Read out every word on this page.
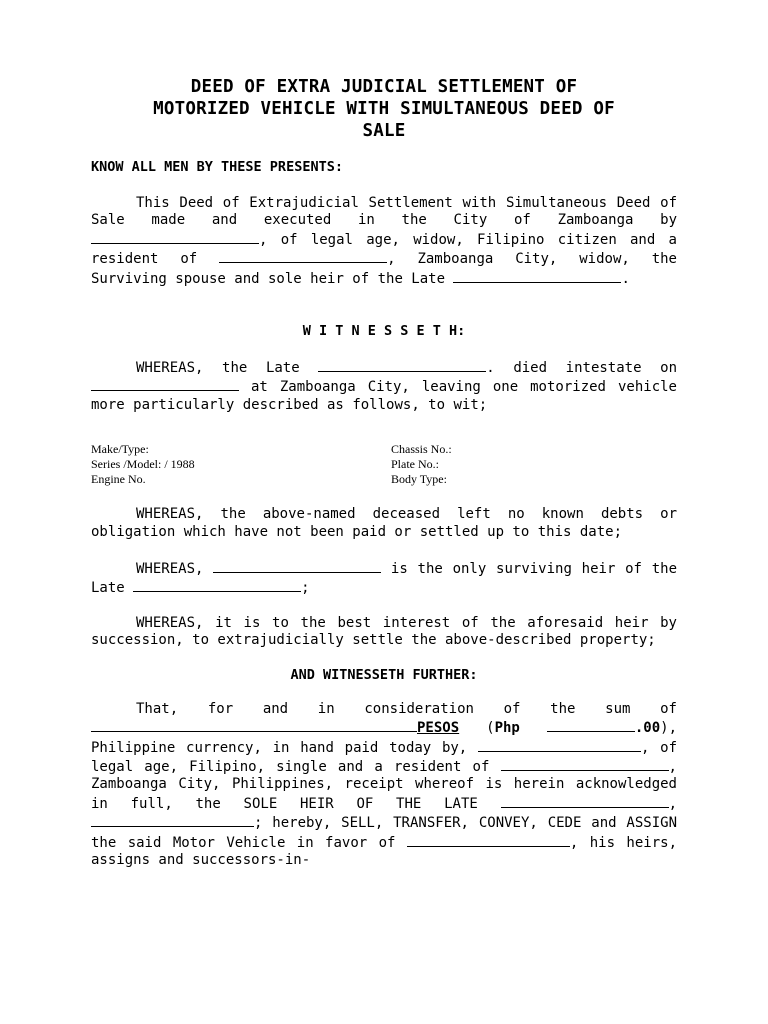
DEED OF EXTRA JUDICIAL SETTLEMENT OF
MOTORIZED VEHICLE WITH SIMULTANEOUS DEED OF
SALE

KNOW ALL MEN BY THESE PRESENTS:

This Deed of Extrajudicial Settlement with Simultaneous Deed of Sale made and executed in the City of Zamboanga by , of legal age, widow, Filipino citizen and a resident of	, Zamboanga City, widow, the Surviving spouse and sole heir of the Late	.

W I T N E S S E T H:

WHEREAS, the Late	. died intestate on  at Zamboanga City, leaving one motorized vehicle more particularly described as follows, to wit;

Make/Type:	Chassis No.:
Series /Model: / 1988	Plate No.:
Engine No.	Body Type:

WHEREAS, the above-named deceased left no known debts or obligation which have not been paid or settled up to this date;

WHEREAS,	is the only surviving heir of the Late	;

WHEREAS, it is to the best interest of the aforesaid heir by succession, to extrajudicially settle the above-described property;

AND WITNESSETH FURTHER:

That, for and in consideration of the sum of PESOS (Php	.00), Philippine currency, in hand paid today by,	, of legal age, Filipino, single and a resident of	, Zamboanga City, Philippines, receipt whereof is herein acknowledged in full, the SOLE HEIR OF THE LATE	, ; hereby, SELL, TRANSFER, CONVEY, CEDE and ASSIGN the said Motor Vehicle in favor of	, his heirs, assigns and successors-in-
